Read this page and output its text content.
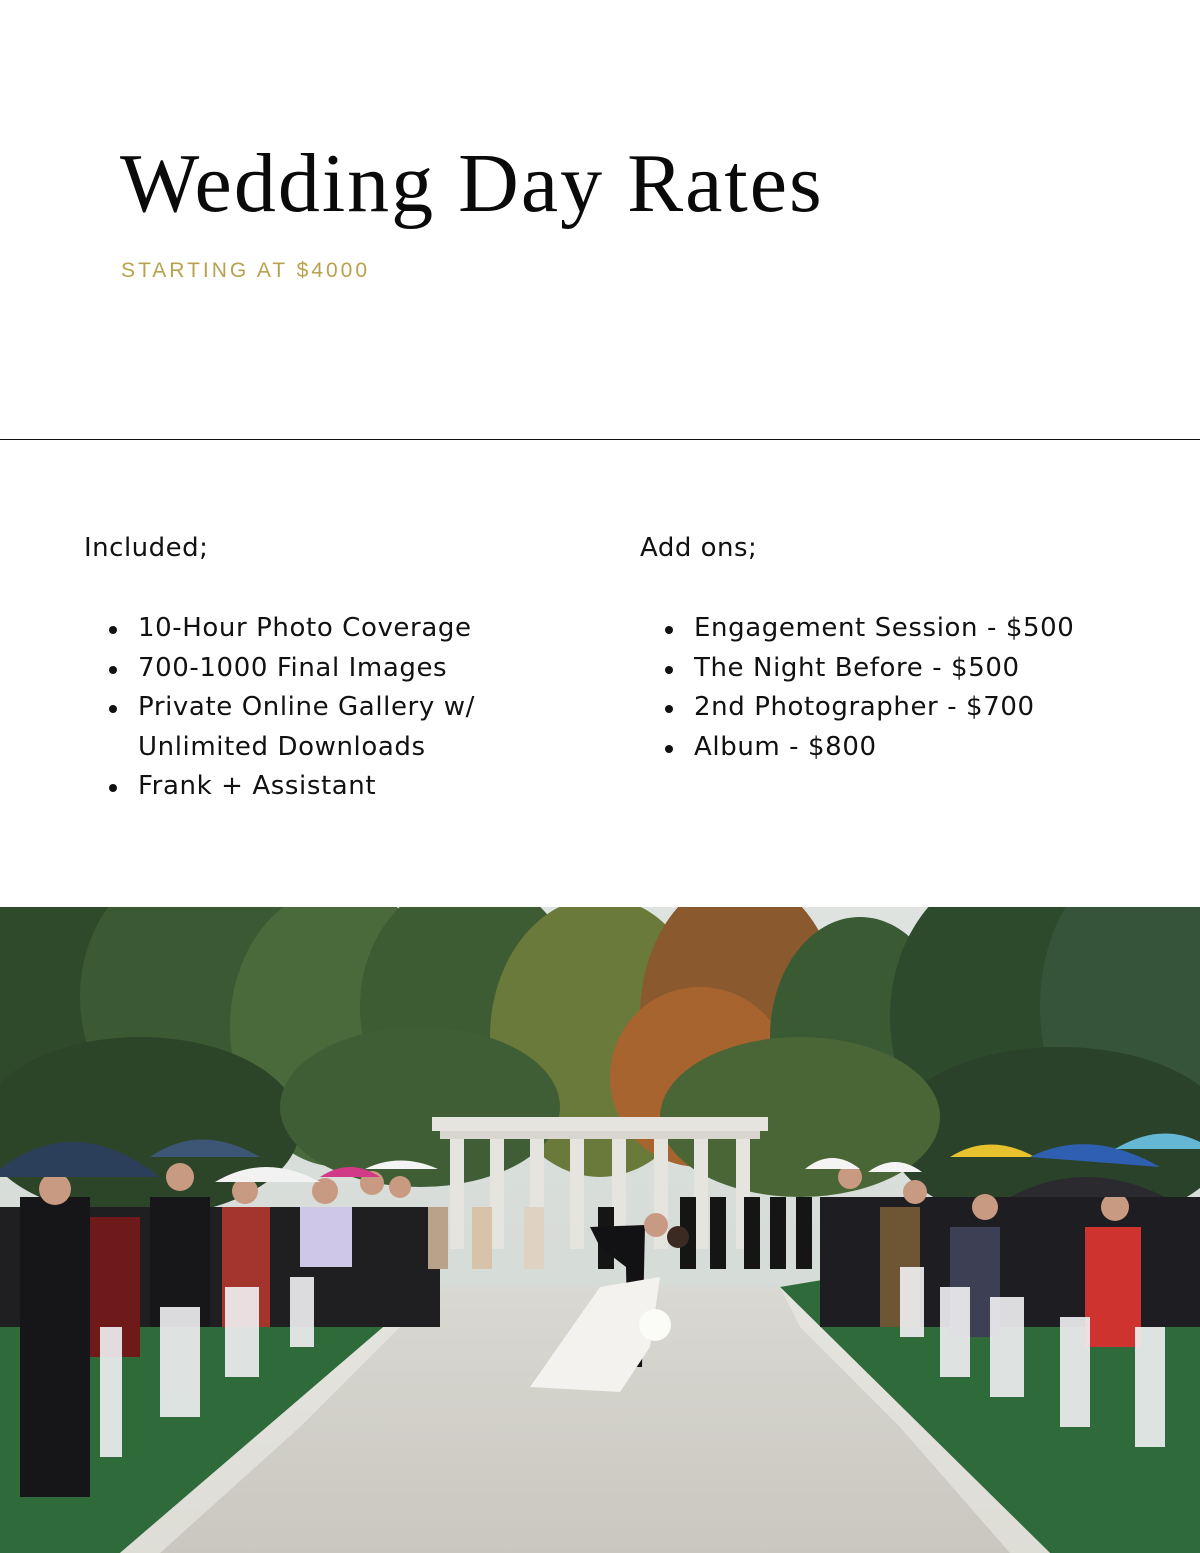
Wedding Day Rates
STARTING AT $4000
Included;
10-Hour Photo Coverage
700-1000 Final Images
Private Online Gallery w/ Unlimited Downloads
Frank + Assistant
Add ons;
Engagement Session - $500
The Night Before - $500
2nd Photographer - $700
Album - $800
